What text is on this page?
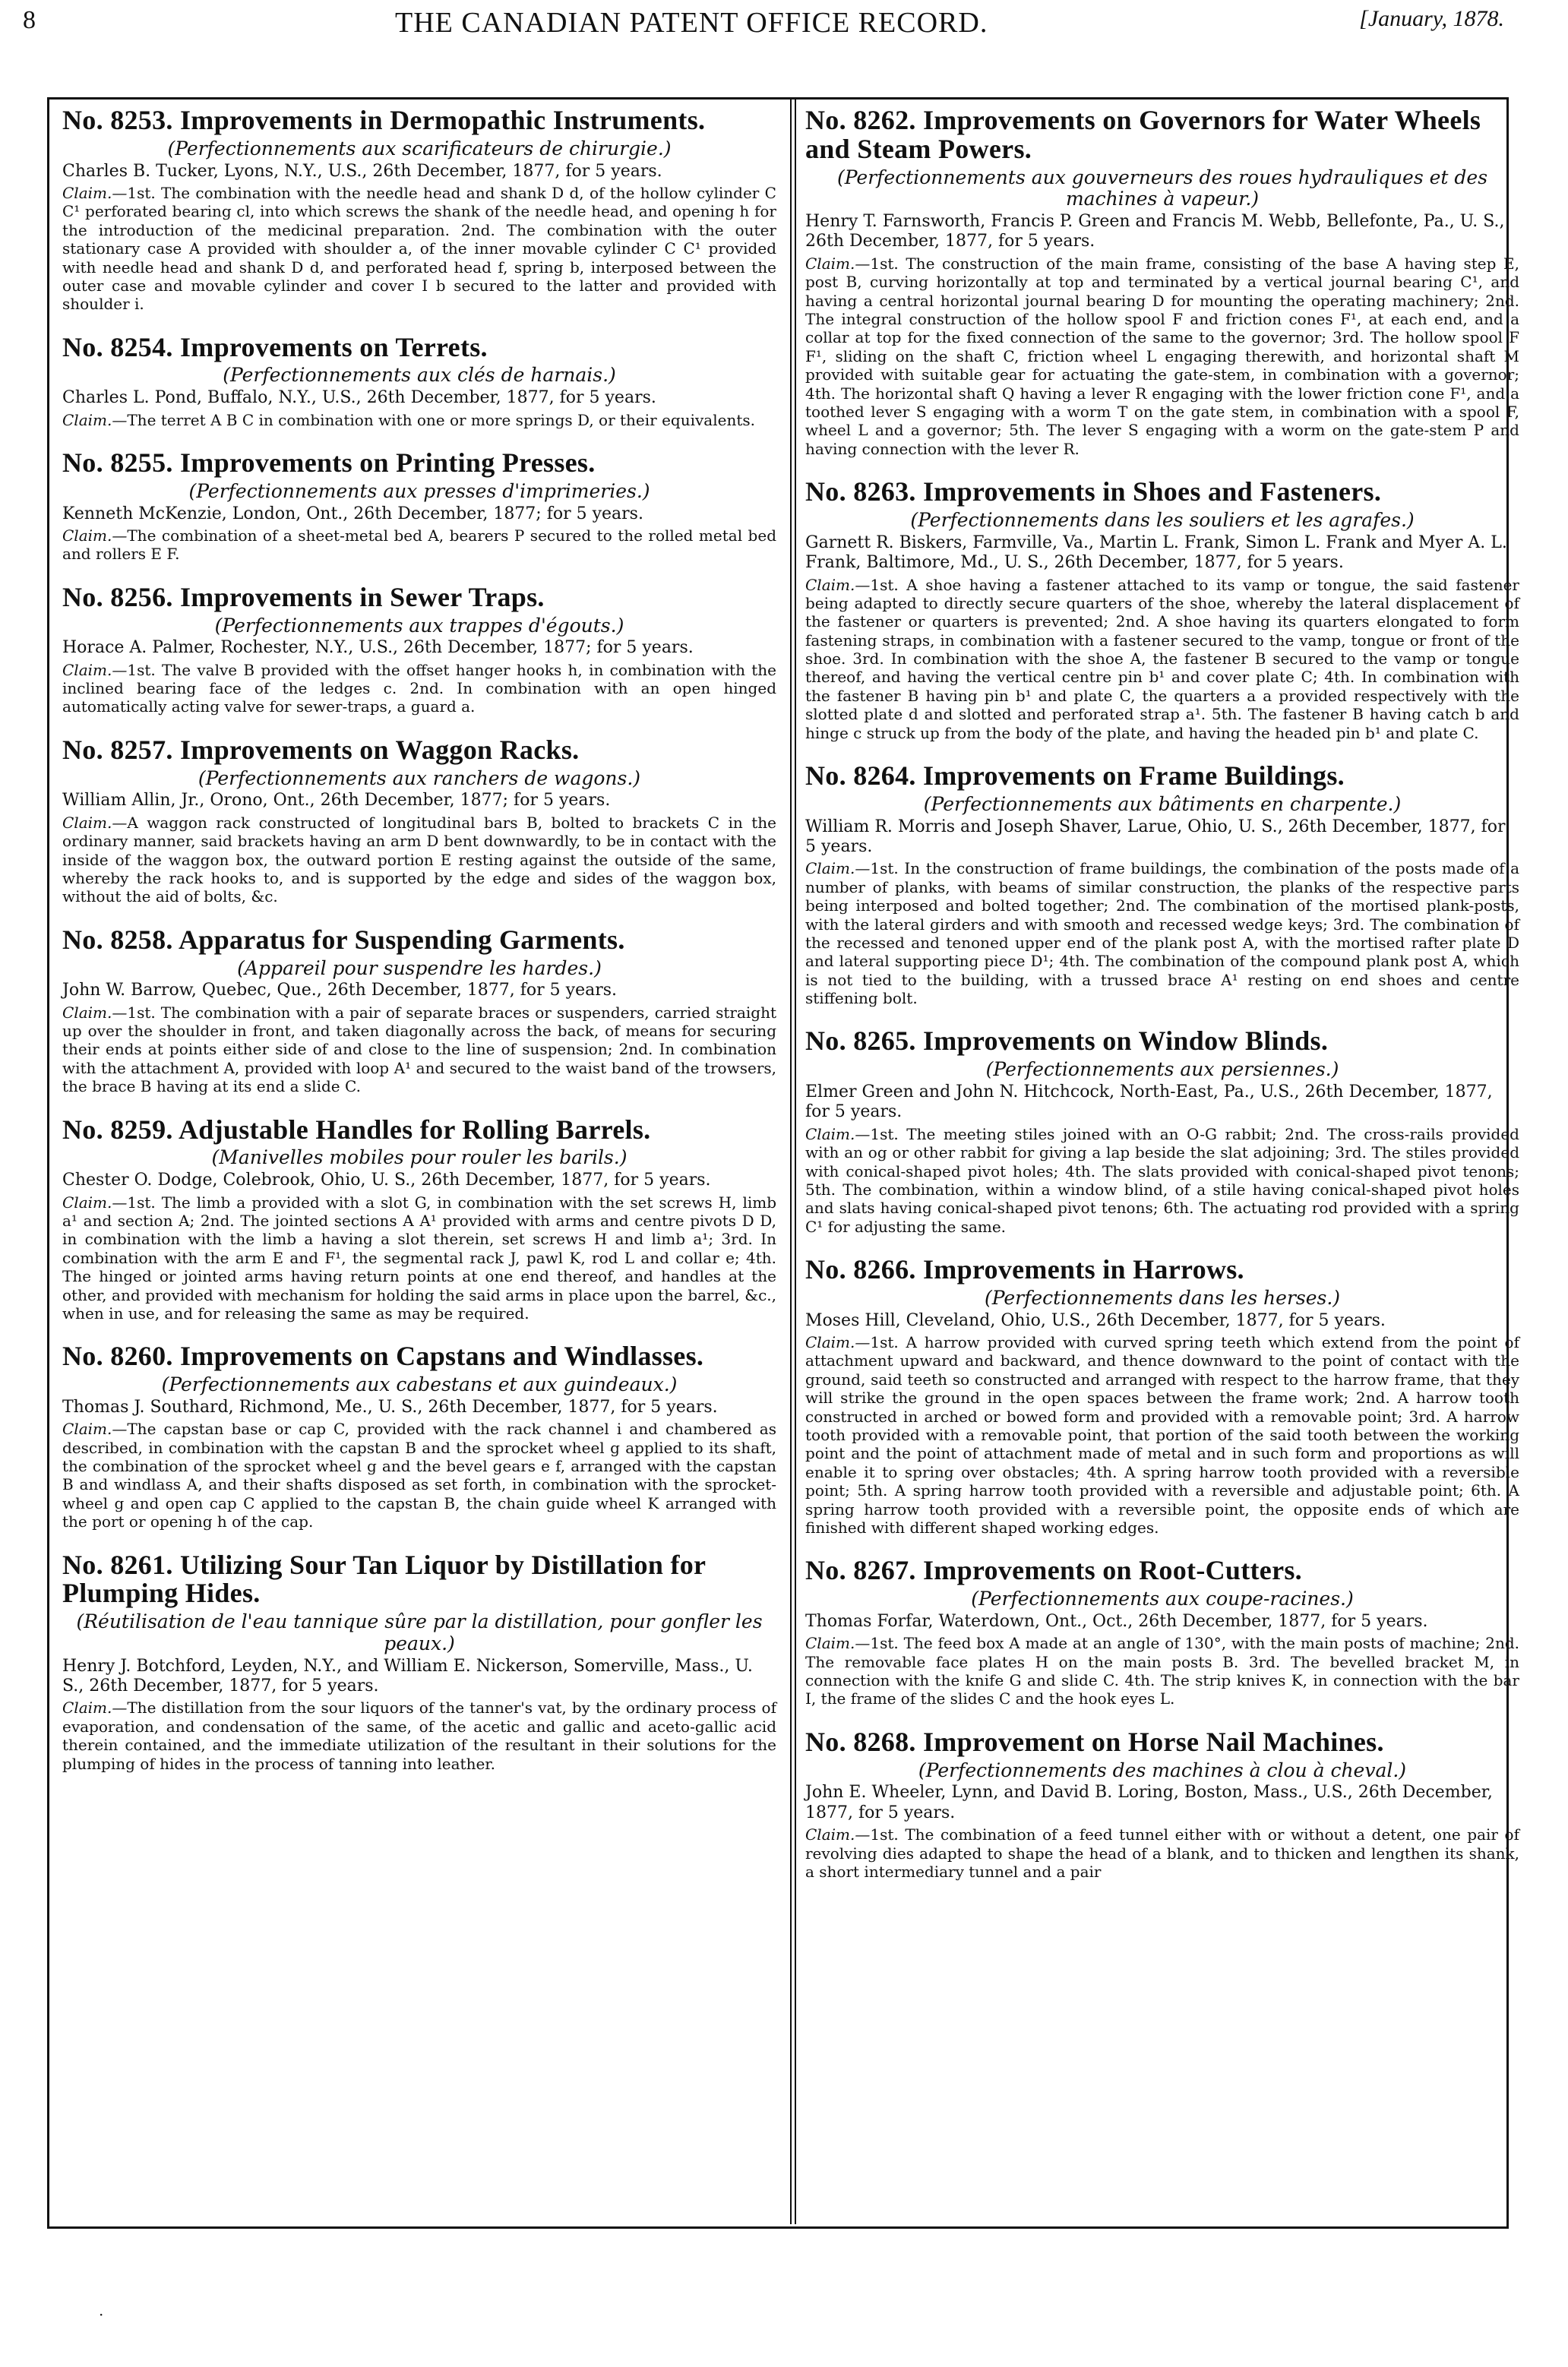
8	THE CANADIAN PATENT OFFICE RECORD.	[January, 1878.
No. 8253. Improvements in Dermopathic Instruments.
(Perfectionnements aux scarificateurs de chirurgie.)
Charles B. Tucker, Lyons, N.Y., U.S., 26th December, 1877, for 5 years.

Claim.—1st. The combination with the needle head and shank D d, of the hollow cylinder C C¹ perforated bearing cl, into which screws the shank of the needle head, and opening h for the introduction of the medicinal preparation. 2nd. The combination with the outer stationary case A provided with shoulder a, of the inner movable cylinder C C¹ provided with needle head and shank D d, and perforated head f, spring b, interposed between the outer case and movable cylinder and cover I b secured to the latter and provided with shoulder i.

No. 8254. Improvements on Terrets.
(Perfectionnements aux clés de harnais.)
Charles L. Pond, Buffalo, N.Y., U.S., 26th December, 1877, for 5 years.

Claim.—The terret A B C in combination with one or more springs D, or their equivalents.

No. 8255. Improvements on Printing Presses.
(Perfectionnements aux presses d'imprimeries.)
Kenneth McKenzie, London, Ont., 26th December, 1877; for 5 years.

Claim.—The combination of a sheet-metal bed A, bearers P secured to the rolled metal bed and rollers E F.

No. 8256. Improvements in Sewer Traps.
(Perfectionnements aux trappes d'égouts.)
Horace A. Palmer, Rochester, N.Y., U.S., 26th December, 1877; for 5 years.

Claim.—1st. The valve B provided with the offset hanger hooks h, in combination with the inclined bearing face of the ledges c. 2nd. In combination with an open hinged automatically acting valve for sewer-traps, a guard a.

No. 8257. Improvements on Waggon Racks.
(Perfectionnements aux ranchers de wagons.)
William Allin, Jr., Orono, Ont., 26th December, 1877; for 5 years.

Claim.—A waggon rack constructed of longitudinal bars B, bolted to brackets C in the ordinary manner, said brackets having an arm D bent downwardly, to be in contact with the inside of the waggon box, the outward portion E resting against the outside of the same, whereby the rack hooks to, and is supported by the edge and sides of the waggon box, without the aid of bolts, &c.

No. 8258. Apparatus for Suspending Garments.
(Appareil pour suspendre les hardes.)
John W. Barrow, Quebec, Que., 26th December, 1877, for 5 years.

Claim.—1st. The combination with a pair of separate braces or suspenders, carried straight up over the shoulder in front, and taken diagonally across the back, of means for securing their ends at points either side of and close to the line of suspension; 2nd. In combination with the attachment A, provided with loop A¹ and secured to the waist band of the trowsers, the brace B having at its end a slide C.

No. 8259. Adjustable Handles for Rolling Barrels.
(Manivelles mobiles pour rouler les barils.)
Chester O. Dodge, Colebrook, Ohio, U. S., 26th December, 1877, for 5 years.

Claim.—1st. The limb a provided with a slot G, in combination with the set screws H, limb a¹ and section A; 2nd. The jointed sections A A¹ provided with arms and centre pivots D D, in combination with the limb a having a slot therein, set screws H and limb a¹; 3rd. In combination with the arm E and F¹, the segmental rack J, pawl K, rod L and collar e; 4th. The hinged or jointed arms having return points at one end thereof, and handles at the other, and provided with mechanism for holding the said arms in place upon the barrel, &c., when in use, and for releasing the same as may be required.

No. 8260. Improvements on Capstans and Windlasses.
(Perfectionnements aux cabestans et aux guindeaux.)
Thomas J. Southard, Richmond, Me., U. S., 26th December, 1877, for 5 years.

Claim.—The capstan base or cap C, provided with the rack channel i and chambered as described, in combination with the capstan B and the sprocket wheel g applied to its shaft, the combination of the sprocket wheel g and the bevel gears e f, arranged with the capstan B and windlass A, and their shafts disposed as set forth, in combination with the sprocket-wheel g and open cap C applied to the capstan B, the chain guide wheel K arranged with the port or opening h of the cap.

No. 8261. Utilizing Sour Tan Liquor by Distillation for Plumping Hides.
(Réutilisation de l'eau tannique sûre par la distillation, pour gonfler les peaux.)
Henry J. Botchford, Leyden, N.Y., and William E. Nickerson, Somerville, Mass., U. S., 26th December, 1877, for 5 years.

Claim.—The distillation from the sour liquors of the tanner's vat, by the ordinary process of evaporation, and condensation of the same, of the acetic and gallic and aceto-gallic acid therein contained, and the immediate utilization of the resultant in their solutions for the plumping of hides in the process of tanning into leather.

No. 8262. Improvements on Governors for Water Wheels and Steam Powers.
(Perfectionnements aux gouverneurs des roues hydrauliques et des machines à vapeur.)
Henry T. Farnsworth, Francis P. Green and Francis M. Webb, Bellefonte, Pa., U. S., 26th December, 1877, for 5 years.

Claim.—1st. The construction of the main frame, consisting of the base A having step E, post B, curving horizontally at top and terminated by a vertical journal bearing C¹, and having a central horizontal journal bearing D for mounting the operating machinery; 2nd. The integral construction of the hollow spool F and friction cones F¹, at each end, and a collar at top for the fixed connection of the same to the governor; 3rd. The hollow spool F F¹, sliding on the shaft C, friction wheel L engaging therewith, and horizontal shaft M provided with suitable gear for actuating the gate-stem, in combination with a governor; 4th. The horizontal shaft Q having a lever R engaging with the lower friction cone F¹, and a toothed lever S engaging with a worm T on the gate stem, in combination with a spool F, wheel L and a governor; 5th. The lever S engaging with a worm on the gate-stem P and having connection with the lever R.

No. 8263. Improvements in Shoes and Fasteners.
(Perfectionnements dans les souliers et les agrafes.)
Garnett R. Biskers, Farmville, Va., Martin L. Frank, Simon L. Frank and Myer A. L. Frank, Baltimore, Md., U. S., 26th December, 1877, for 5 years.

Claim.—1st. A shoe having a fastener attached to its vamp or tongue, the said fastener being adapted to directly secure quarters of the shoe, whereby the lateral displacement of the fastener or quarters is prevented; 2nd. A shoe having its quarters elongated to form fastening straps, in combination with a fastener secured to the vamp, tongue or front of the shoe. 3rd. In combination with the shoe A, the fastener B secured to the vamp or tongue thereof, and having the vertical centre pin b¹ and cover plate C; 4th. In combination with the fastener B having pin b¹ and plate C, the quarters a a provided respectively with the slotted plate d and slotted and perforated strap a¹. 5th. The fastener B having catch b and hinge c struck up from the body of the plate, and having the headed pin b¹ and plate C.

No. 8264. Improvements on Frame Buildings.
(Perfectionnements aux bâtiments en charpente.)
William R. Morris and Joseph Shaver, Larue, Ohio, U. S., 26th December, 1877, for 5 years.

Claim.—1st. In the construction of frame buildings, the combination of the posts made of a number of planks, with beams of similar construction, the planks of the respective parts being interposed and bolted together; 2nd. The combination of the mortised plank-posts, with the lateral girders and with smooth and recessed wedge keys; 3rd. The combination of the recessed and tenoned upper end of the plank post A, with the mortised rafter plate D and lateral supporting piece D¹; 4th. The combination of the compound plank post A, which is not tied to the building, with a trussed brace A¹ resting on end shoes and centre stiffening bolt.

No. 8265. Improvements on Window Blinds.
(Perfectionnements aux persiennes.)
Elmer Green and John N. Hitchcock, North-East, Pa., U.S., 26th December, 1877, for 5 years.

Claim.—1st. The meeting stiles joined with an O-G rabbit; 2nd. The cross-rails provided with an og or other rabbit for giving a lap beside the slat adjoining; 3rd. The stiles provided with conical-shaped pivot holes; 4th. The slats provided with conical-shaped pivot tenons; 5th. The combination, within a window blind, of a stile having conical-shaped pivot holes and slats having conical-shaped pivot tenons; 6th. The actuating rod provided with a spring C¹ for adjusting the same.

No. 8266. Improvements in Harrows.
(Perfectionnements dans les herses.)
Moses Hill, Cleveland, Ohio, U.S., 26th December, 1877, for 5 years.

Claim.—1st. A harrow provided with curved spring teeth which extend from the point of attachment upward and backward, and thence downward to the point of contact with the ground, said teeth so constructed and arranged with respect to the harrow frame, that they will strike the ground in the open spaces between the frame work; 2nd. A harrow tooth constructed in arched or bowed form and provided with a removable point; 3rd. A harrow tooth provided with a removable point, that portion of the said tooth between the working point and the point of attachment made of metal and in such form and proportions as will enable it to spring over obstacles; 4th. A spring harrow tooth provided with a reversible point; 5th. A spring harrow tooth provided with a reversible and adjustable point; 6th. A spring harrow tooth provided with a reversible point, the opposite ends of which are finished with different shaped working edges.

No. 8267. Improvements on Root-Cutters.
(Perfectionnements aux coupe-racines.)
Thomas Forfar, Waterdown, Ont., Oct., 26th December, 1877, for 5 years.

Claim.—1st. The feed box A made at an angle of 130°, with the main posts of machine; 2nd. The removable face plates H on the main posts B. 3rd. The bevelled bracket M, in connection with the knife G and slide C. 4th. The strip knives K, in connection with the bar I, the frame of the slides C and the hook eyes L.

No. 8268. Improvement on Horse Nail Machines.
(Perfectionnements des machines à clou à cheval.)
John E. Wheeler, Lynn, and David B. Loring, Boston, Mass., U.S., 26th December, 1877, for 5 years.

Claim.—1st. The combination of a feed tunnel either with or without a detent, one pair of revolving dies adapted to shape the head of a blank, and to thicken and lengthen its shank, a short intermediary tunnel and a pair

·
